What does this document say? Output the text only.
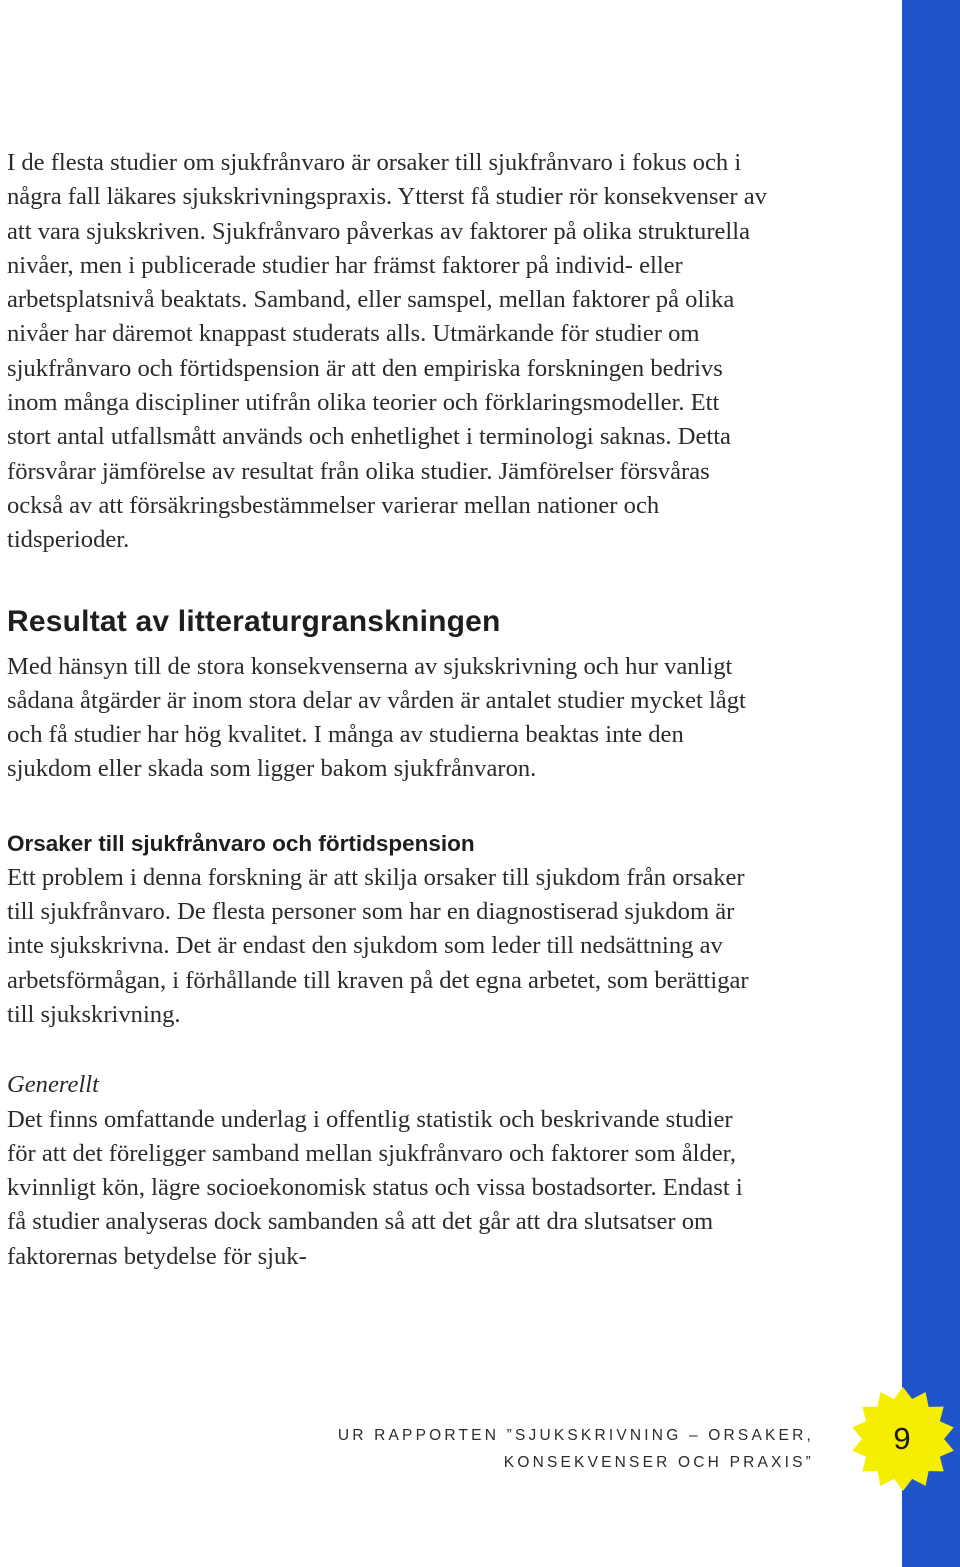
I de flesta studier om sjukfrånvaro är orsaker till sjukfrånvaro i fokus och i några fall läkares sjukskrivningspraxis. Ytterst få studier rör konsekvenser av att vara sjukskriven. Sjukfrånvaro påverkas av faktorer på olika strukturella nivåer, men i publicerade studier har främst faktorer på individ- eller arbetsplatsnivå beaktats. Samband, eller samspel, mellan faktorer på olika nivåer har däremot knappast studerats alls. Utmärkande för studier om sjukfrånvaro och förtidspension är att den empiriska forskningen bedrivs inom många discipliner utifrån olika teorier och förklaringsmodeller. Ett stort antal utfallsmått används och enhetlighet i terminologi saknas. Detta försvårar jämförelse av resultat från olika studier. Jämförelser försvåras också av att försäkringsbestämmelser varierar mellan nationer och tidsperioder.

Resultat av litteraturgranskningen

Med hänsyn till de stora konsekvenserna av sjukskrivning och hur vanligt sådana åtgärder är inom stora delar av vården är antalet studier mycket lågt och få studier har hög kvalitet. I många av studierna beaktas inte den sjukdom eller skada som ligger bakom sjukfrånvaron.

Orsaker till sjukfrånvaro och förtidspension

Ett problem i denna forskning är att skilja orsaker till sjukdom från orsaker till sjukfrånvaro. De flesta personer som har en diagnostiserad sjukdom är inte sjukskrivna. Det är endast den sjukdom som leder till nedsättning av arbetsförmågan, i förhållande till kraven på det egna arbetet, som berättigar till sjukskrivning.

Generellt

Det finns omfattande underlag i offentlig statistik och beskrivande studier för att det föreligger samband mellan sjukfrånvaro och faktorer som ålder, kvinnligt kön, lägre socioekonomisk status och vissa bostadsorter. Endast i få studier analyseras dock sambanden så att det går att dra slutsatser om faktorernas betydelse för sjuk-

UR RAPPORTEN ”SJUKSKRIVNING – ORSAKER,
KONSEKVENSER OCH PRAXIS”
9
